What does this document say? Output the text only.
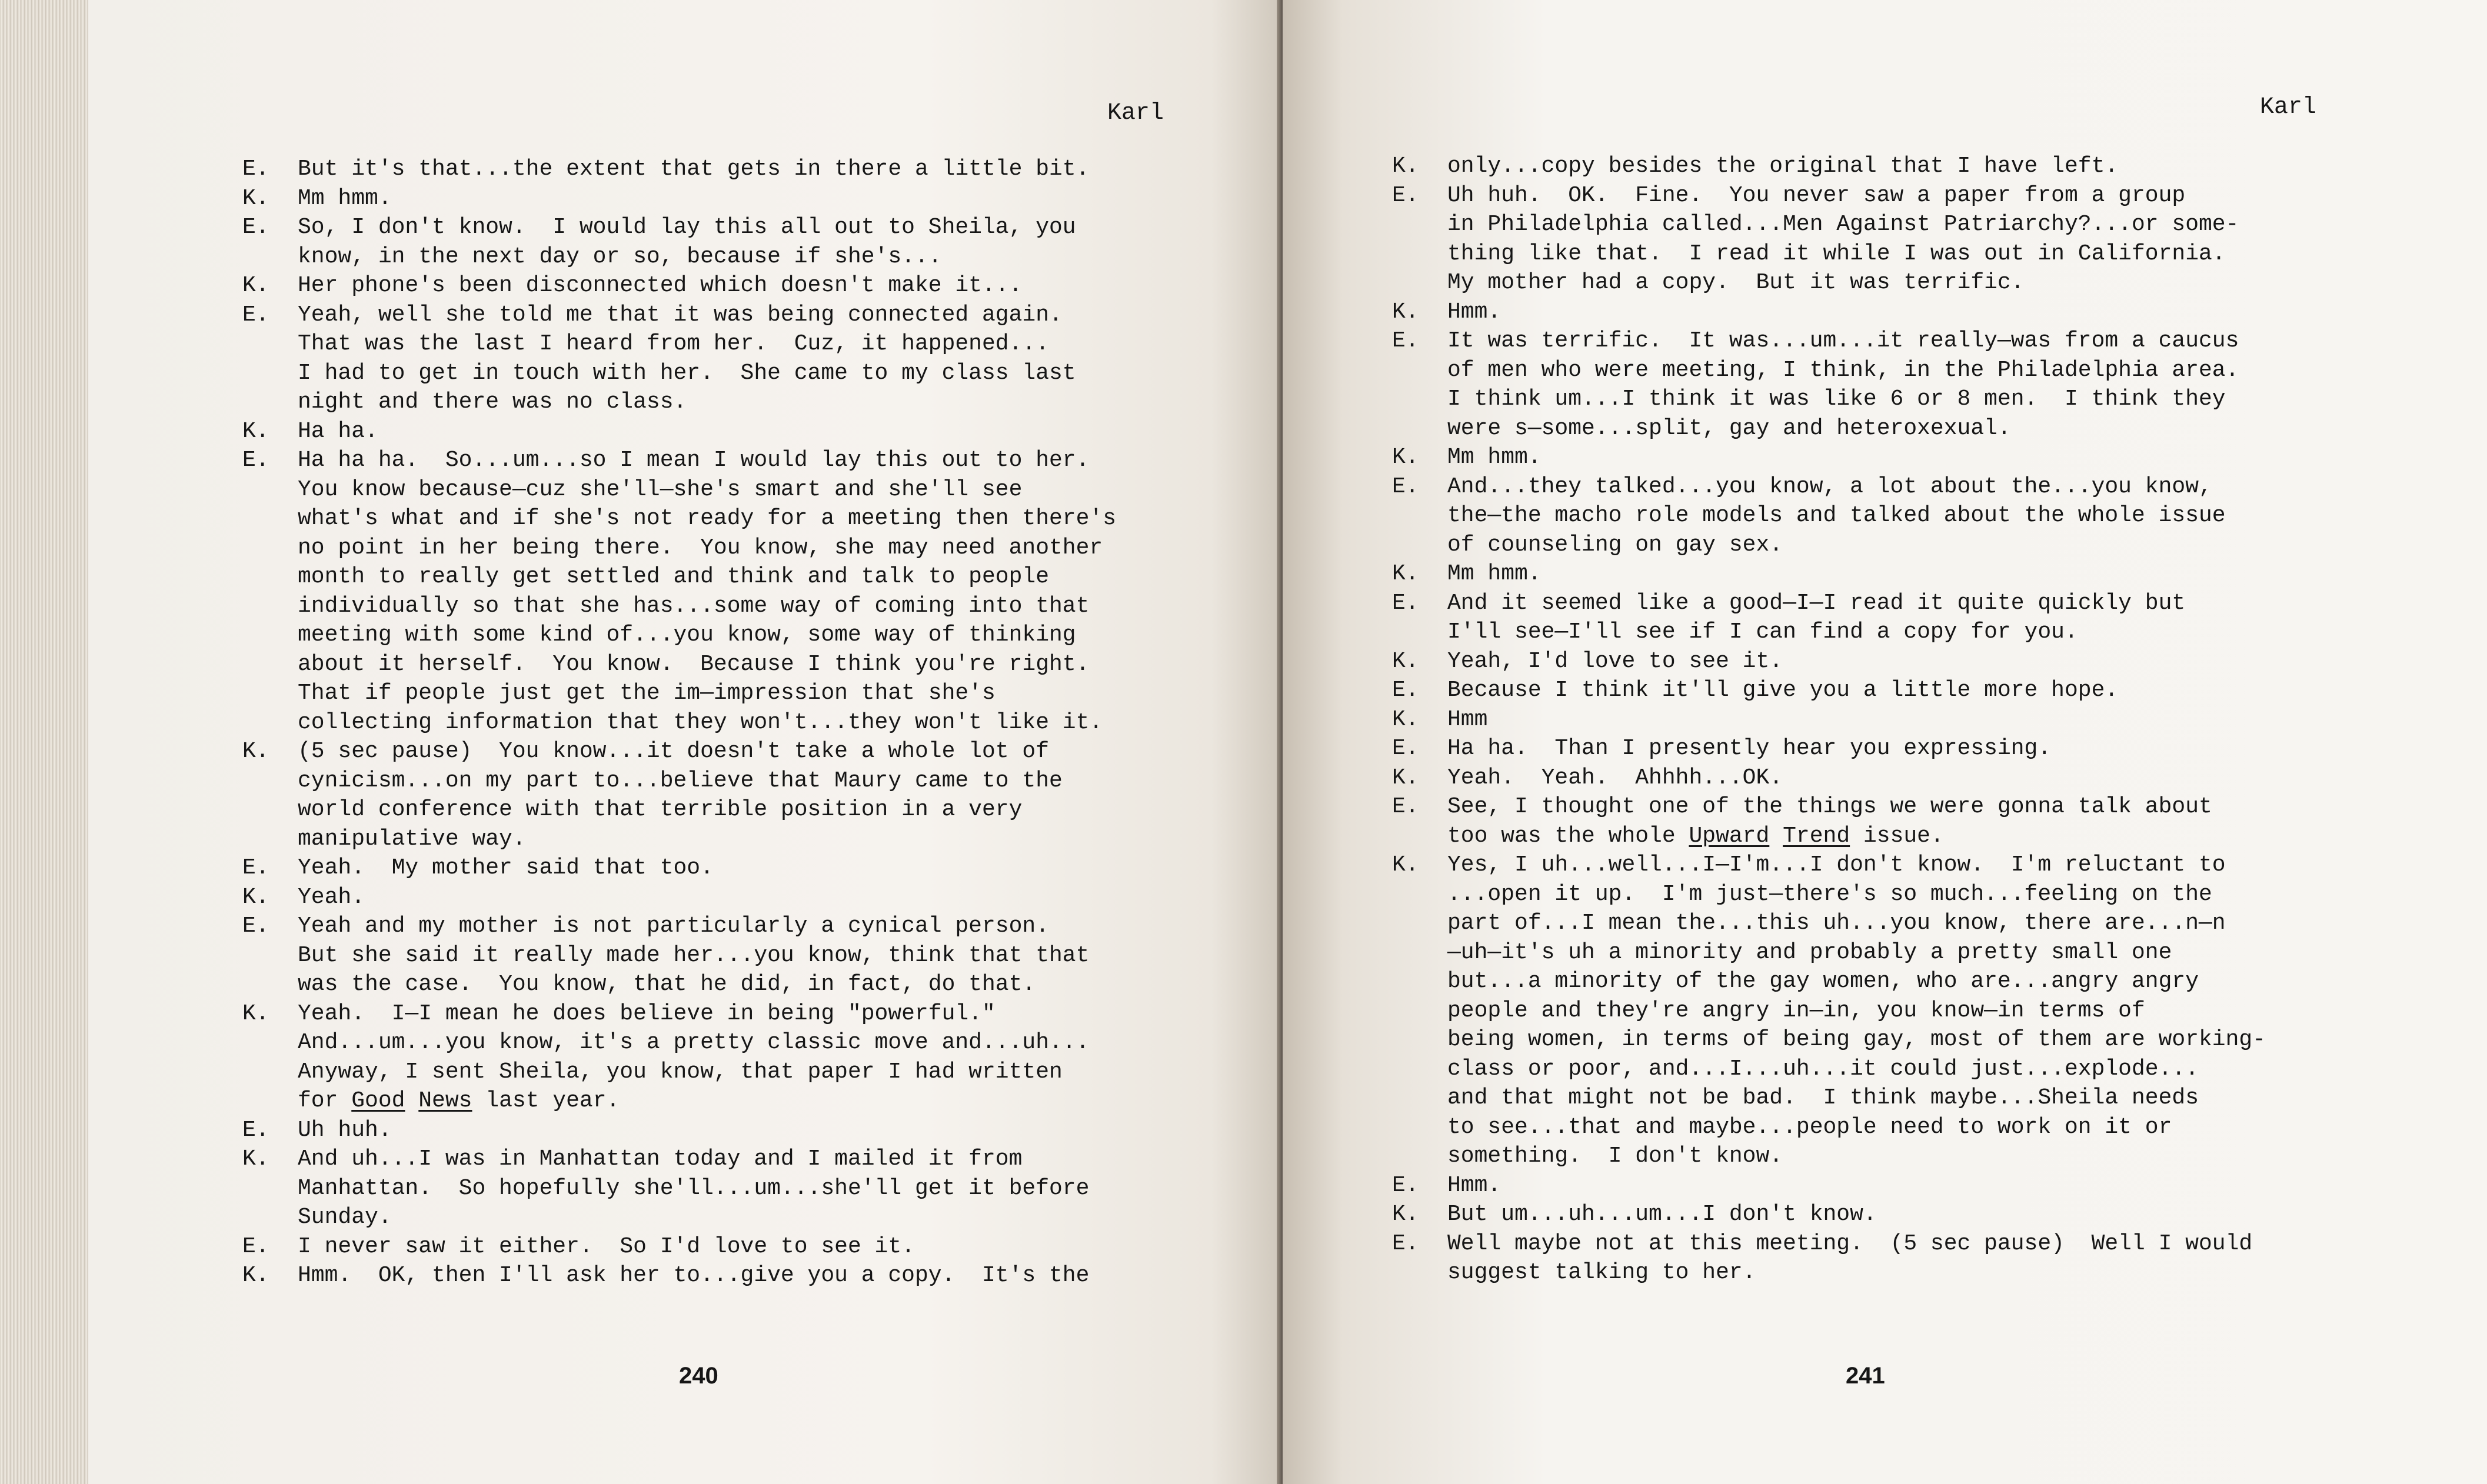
Karl
E. But it's that...the extent that gets in there a little bit.
K. Mm hmm.
E. So, I don't know.  I would lay this all out to Sheila, you
know, in the next day or so, because if she's...
K. Her phone's been disconnected which doesn't make it...
E. Yeah, well she told me that it was being connected again.
That was the last I heard from her.  Cuz, it happened...
I had to get in touch with her.  She came to my class last
night and there was no class.
K. Ha ha.
E. Ha ha ha.  So...um...so I mean I would lay this out to her.
You know because—cuz she'll—she's smart and she'll see
what's what and if she's not ready for a meeting then there's
no point in her being there.  You know, she may need another
month to really get settled and think and talk to people
individually so that she has...some way of coming into that
meeting with some kind of...you know, some way of thinking
about it herself.  You know.  Because I think you're right.
That if people just get the im—impression that she's
collecting information that they won't...they won't like it.
K. (5 sec pause)  You know...it doesn't take a whole lot of
cynicism...on my part to...believe that Maury came to the
world conference with that terrible position in a very
manipulative way.
E. Yeah.  My mother said that too.
K. Yeah.
E. Yeah and my mother is not particularly a cynical person.
But she said it really made her...you know, think that that
was the case.  You know, that he did, in fact, do that.
K. Yeah.  I—I mean he does believe in being "powerful."
And...um...you know, it's a pretty classic move and...uh...
Anyway, I sent Sheila, you know, that paper I had written
for Good News last year.
E. Uh huh.
K. And uh...I was in Manhattan today and I mailed it from
Manhattan.  So hopefully she'll...um...she'll get it before
Sunday.
E. I never saw it either.  So I'd love to see it.
K. Hmm.  OK, then I'll ask her to...give you a copy.  It's the
240
Karl
K. only...copy besides the original that I have left.
E. Uh huh.  OK.  Fine.  You never saw a paper from a group
in Philadelphia called...Men Against Patriarchy?...or some-
thing like that.  I read it while I was out in California.
My mother had a copy.  But it was terrific.
K. Hmm.
E. It was terrific.  It was...um...it really—was from a caucus
of men who were meeting, I think, in the Philadelphia area.
I think um...I think it was like 6 or 8 men.  I think they
were s—some...split, gay and heteroxexual.
K. Mm hmm.
E. And...they talked...you know, a lot about the...you know,
the—the macho role models and talked about the whole issue
of counseling on gay sex.
K. Mm hmm.
E. And it seemed like a good—I—I read it quite quickly but
I'll see—I'll see if I can find a copy for you.
K. Yeah, I'd love to see it.
E. Because I think it'll give you a little more hope.
K. Hmm
E. Ha ha.  Than I presently hear you expressing.
K. Yeah.  Yeah.  Ahhhh...OK.
E. See, I thought one of the things we were gonna talk about
too was the whole Upward Trend issue.
K. Yes, I uh...well...I—I'm...I don't know.  I'm reluctant to
...open it up.  I'm just—there's so much...feeling on the
part of...I mean the...this uh...you know, there are...n—n
—uh—it's uh a minority and probably a pretty small one
but...a minority of the gay women, who are...angry angry
people and they're angry in—in, you know—in terms of
being women, in terms of being gay, most of them are working-
class or poor, and...I...uh...it could just...explode...
and that might not be bad.  I think maybe...Sheila needs
to see...that and maybe...people need to work on it or
something.  I don't know.
E. Hmm.
K. But um...uh...um...I don't know.
E. Well maybe not at this meeting.  (5 sec pause)  Well I would
suggest talking to her.
241
